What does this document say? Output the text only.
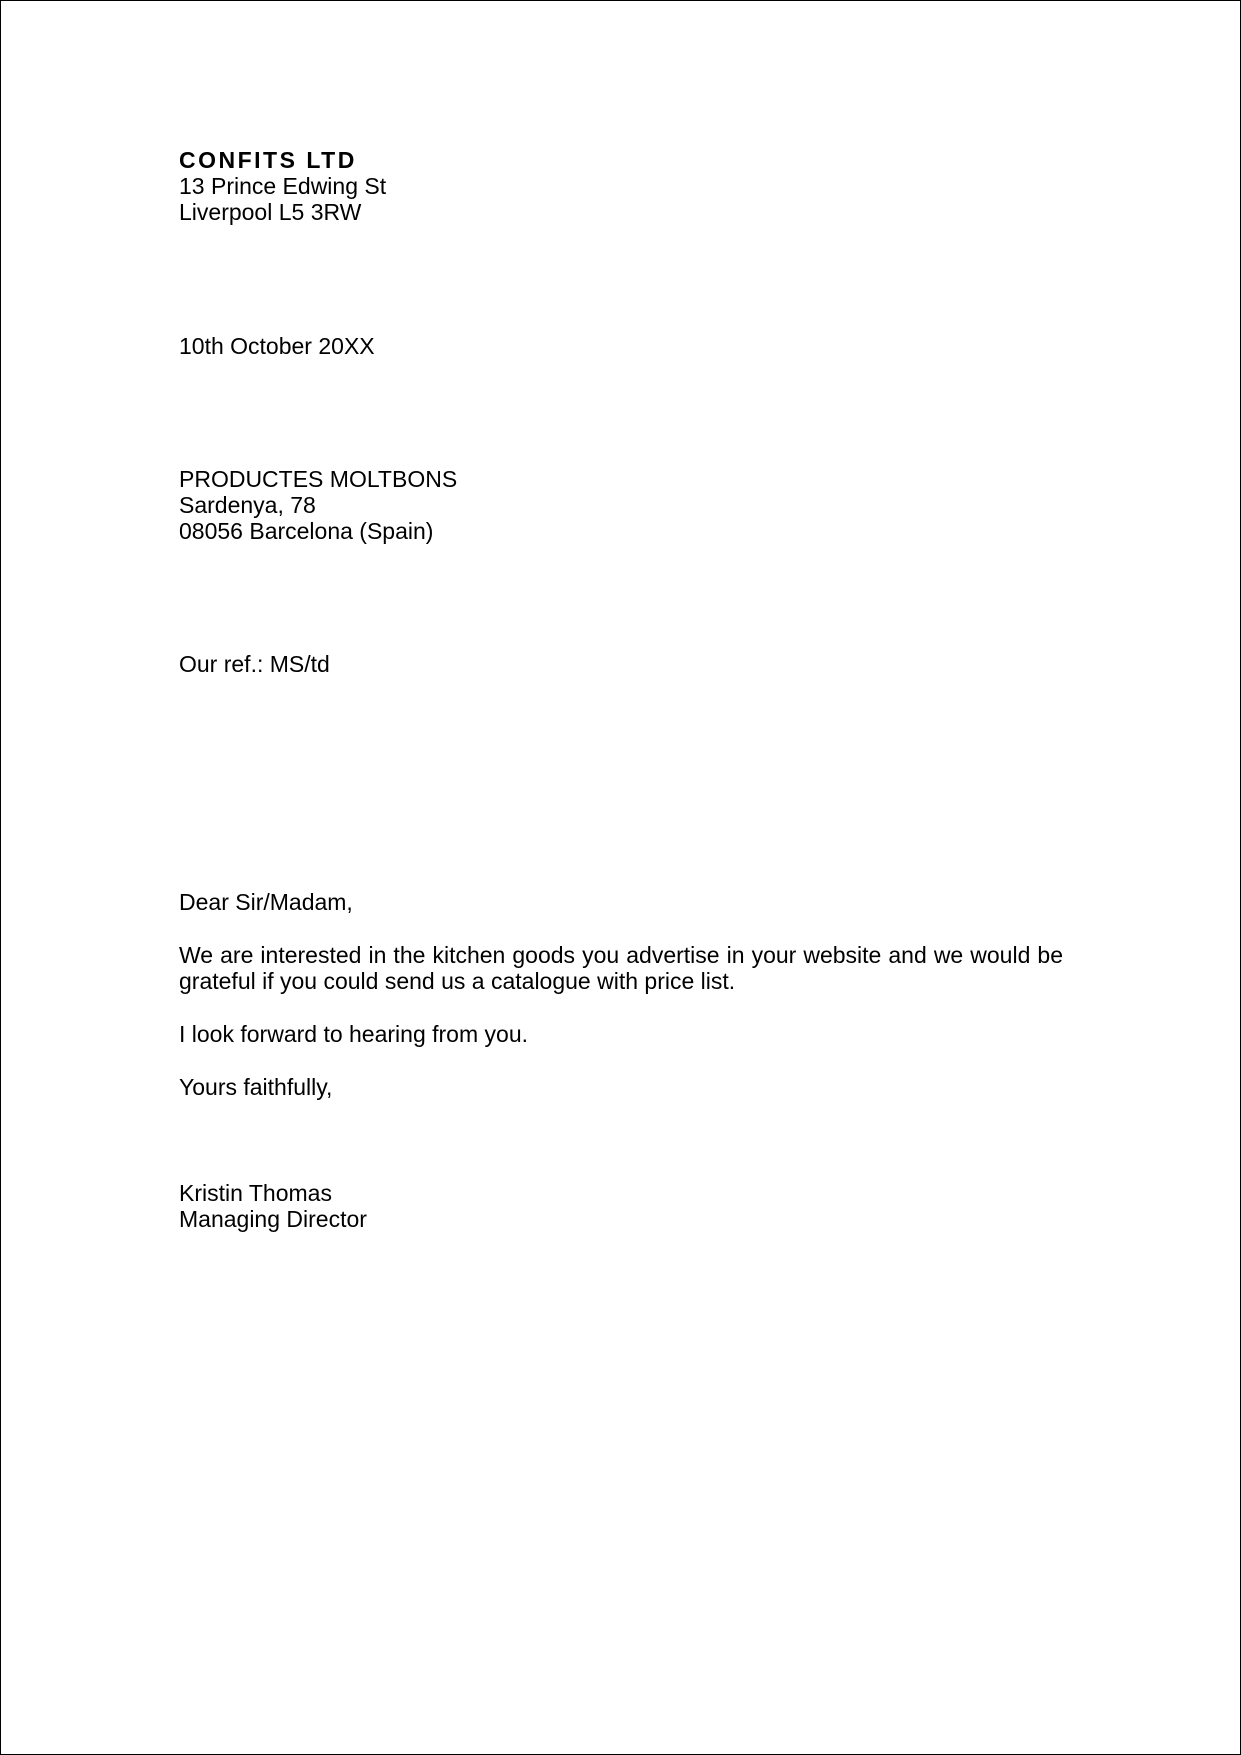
CONFITS LTD
13 Prince Edwing St
Liverpool L5 3RW
10th October 20XX
PRODUCTES MOLTBONS
Sardenya, 78
08056 Barcelona (Spain)
Our ref.: MS/td
Dear Sir/Madam,

We are interested in the kitchen goods you advertise in your website and we would be grateful if you could send us a catalogue with price list.

I look forward to hearing from you.
Yours faithfully,
Kristin Thomas
Managing Director
